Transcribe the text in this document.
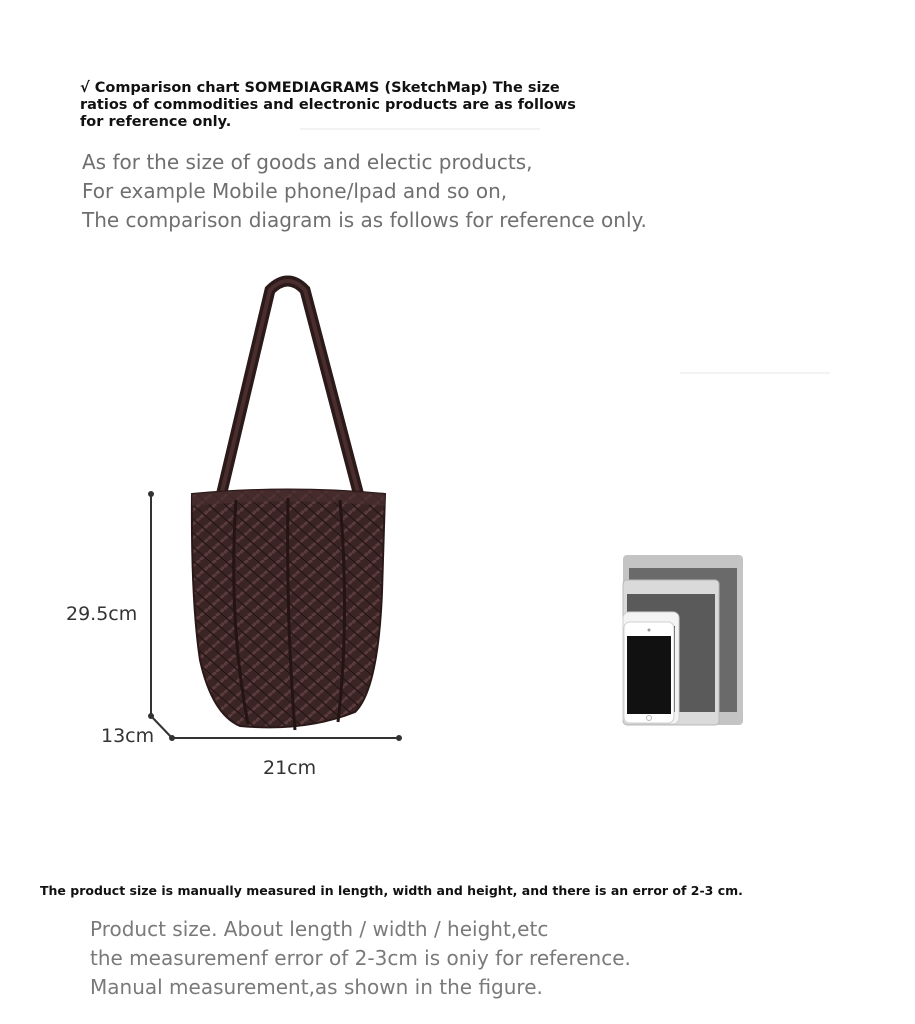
√ Comparison chart SOMEDIAGRAMS (SketchMap) The size ratios of commodities and electronic products are as follows for reference only.
As for the size of goods and electic products,
For example Mobile phone/lpad and so on,
The comparison diagram is as follows for reference only.
29.5cm
13cm
21cm
The product size is manually measured in length, width and height, and there is an error of 2-3 cm.
Product size. About length / width / height,etc
the measuremenf error of 2-3cm is oniy for reference.
Manual measurement,as shown in the figure.
